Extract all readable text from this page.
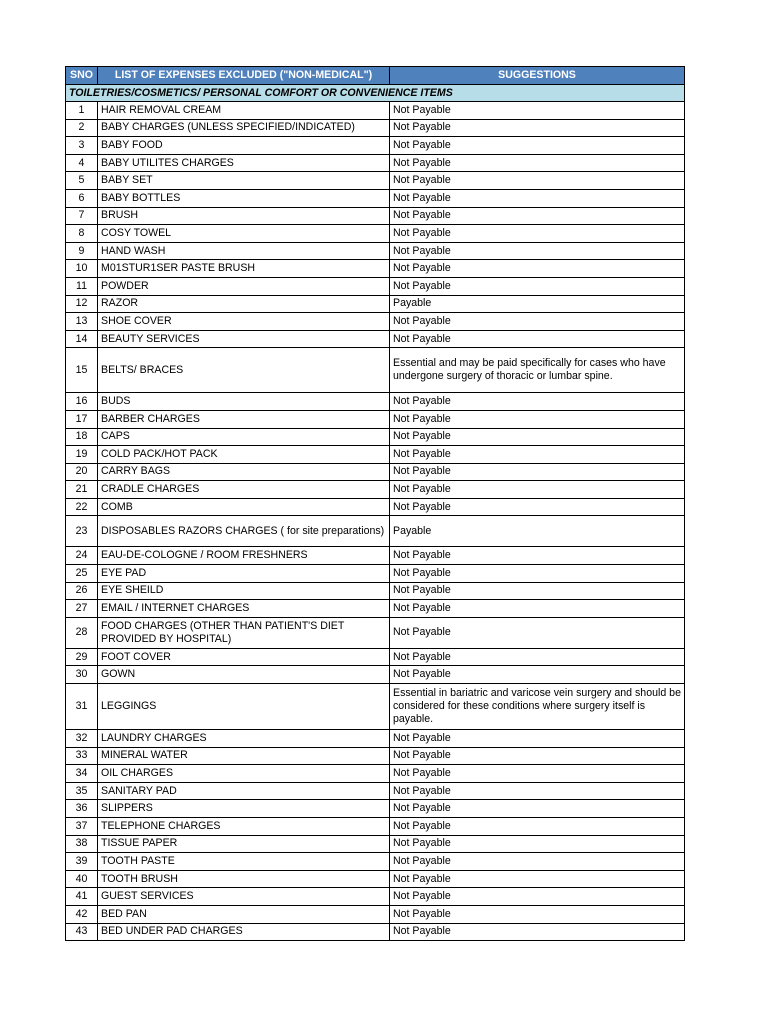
SNO	LIST OF EXPENSES EXCLUDED ("NON-MEDICAL")	SUGGESTIONS
TOILETRIES/COSMETICS/ PERSONAL COMFORT OR CONVENIENCE ITEMS		
1	HAIR REMOVAL CREAM	Not Payable
2	BABY CHARGES (UNLESS SPECIFIED/INDICATED)	Not Payable
3	BABY FOOD	Not Payable
4	BABY UTILITES CHARGES	Not Payable
5	BABY SET	Not Payable
6	BABY BOTTLES	Not Payable
7	BRUSH	Not Payable
8	COSY TOWEL	Not Payable
9	HAND WASH	Not Payable
10	M01STUR1SER PASTE BRUSH	Not Payable
11	POWDER	Not Payable
12	RAZOR	Payable
13	SHOE COVER	Not Payable
14	BEAUTY SERVICES	Not Payable
15	BELTS/ BRACES	Essential and may be paid specifically for cases who have undergone surgery of thoracic or lumbar spine.
16	BUDS	Not Payable
17	BARBER CHARGES	Not Payable
18	CAPS	Not Payable
19	COLD PACK/HOT PACK	Not Payable
20	CARRY BAGS	Not Payable
21	CRADLE CHARGES	Not Payable
22	COMB	Not Payable
23	DISPOSABLES RAZORS CHARGES ( for site preparations)	Payable
24	EAU-DE-COLOGNE / ROOM FRESHNERS	Not Payable
25	EYE PAD	Not Payable
26	EYE SHEILD	Not Payable
27	EMAIL / INTERNET CHARGES	Not Payable
28	FOOD CHARGES (OTHER THAN PATIENT'S DIET PROVIDED BY HOSPITAL)	Not Payable
29	FOOT COVER	Not Payable
30	GOWN	Not Payable
31	LEGGINGS	Essential in bariatric and varicose vein surgery and should be considered for these conditions where surgery itself is payable.
32	LAUNDRY CHARGES	Not Payable
33	MINERAL WATER	Not Payable
34	OIL CHARGES	Not Payable
35	SANITARY PAD	Not Payable
36	SLIPPERS	Not Payable
37	TELEPHONE CHARGES	Not Payable
38	TISSUE PAPER	Not Payable
39	TOOTH PASTE	Not Payable
40	TOOTH BRUSH	Not Payable
41	GUEST SERVICES	Not Payable
42	BED PAN	Not Payable
43	BED UNDER PAD CHARGES	Not Payable
